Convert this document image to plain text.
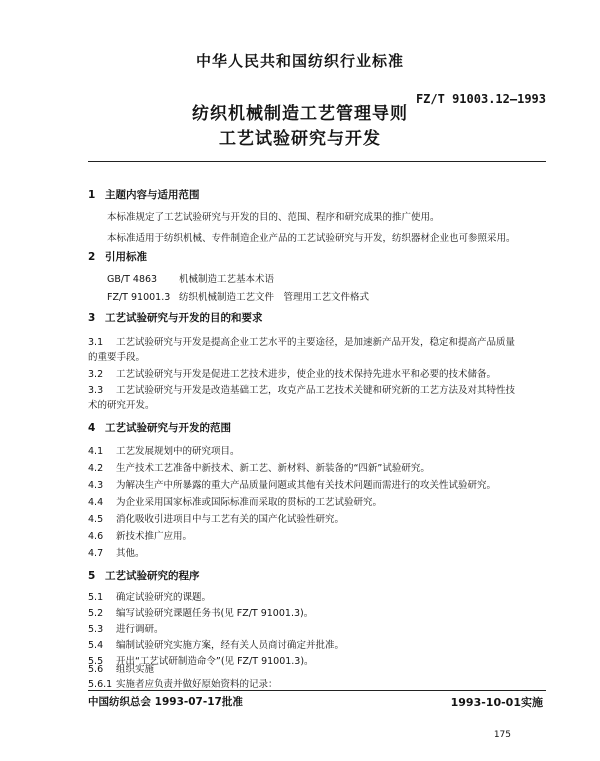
中华人民共和国纺织行业标准
FZ/T 91003.12—1993
纺织机械制造工艺管理导则
工艺试验研究与开发
1 主题内容与适用范围
本标准规定了工艺试验研究与开发的目的、范围、程序和研究成果的推广使用。
本标准适用于纺织机械、专件制造企业产品的工艺试验研究与开发，纺织器材企业也可参照采用。
2 引用标准
GB/T 4863 机械制造工艺基本术语
FZ/T 91001.3 纺织机械制造工艺文件　管理用工艺文件格式
3 工艺试验研究与开发的目的和要求
3.1 工艺试验研究与开发是提高企业工艺水平的主要途径，是加速新产品开发，稳定和提高产品质量
的重要手段。
3.2 工艺试验研究与开发是促进工艺技术进步，使企业的技术保持先进水平和必要的技术储备。
3.3 工艺试验研究与开发是改造基础工艺，攻克产品工艺技术关键和研究新的工艺方法及对其特性技
术的研究开发。
4 工艺试验研究与开发的范围
4.1 工艺发展规划中的研究项目。
4.2 生产技术工艺准备中新技术、新工艺、新材料、新装备的“四新”试验研究。
4.3 为解决生产中所暴露的重大产品质量问题或其他有关技术问题而需进行的攻关性试验研究。
4.4 为企业采用国家标准或国际标准而采取的贯标的工艺试验研究。
4.5 消化吸收引进项目中与工艺有关的国产化试验性研究。
4.6 新技术推广应用。
4.7 其他。
5 工艺试验研究的程序
5.1 确定试验研究的课题。
5.2 编写试验研究课题任务书(见 FZ/T 91001.3)。
5.3 进行调研。
5.4 编制试验研究实施方案，经有关人员商讨确定并批准。
5.5 开出“工艺试研制造命令”(见 FZ/T 91001.3)。
5.6 组织实施
中国纺织总会 1993-07-17批准	1993-10-01实施
175
5.6.1 实施者应负责并做好原始资料的记录：
